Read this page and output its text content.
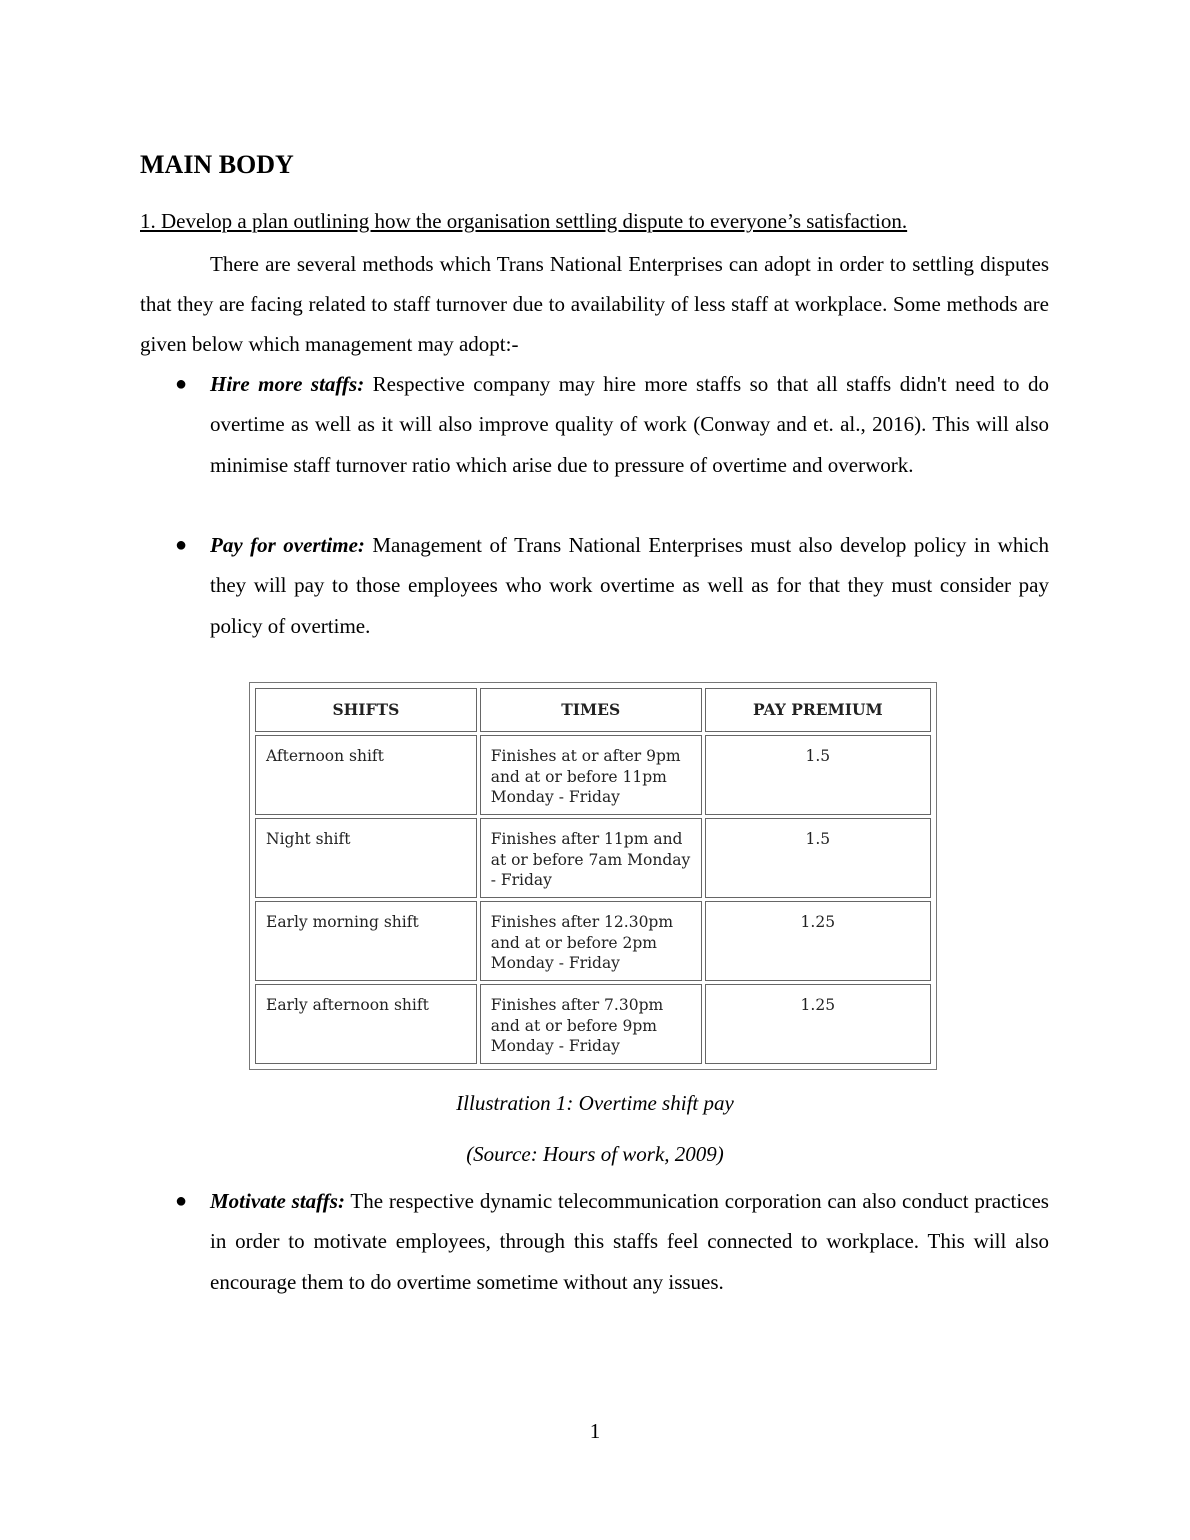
MAIN BODY

1. Develop a plan outlining how the organisation settling dispute to everyone’s satisfaction.

There are several methods which Trans National Enterprises can adopt in order to settling disputes that they are facing related to staff turnover due to availability of less staff at workplace. Some methods are given below which management may adopt:-

● Hire more staffs: Respective company may hire more staffs so that all staffs didn't need to do overtime as well as it will also improve quality of work (Conway and et. al., 2016). This will also minimise staff turnover ratio which arise due to pressure of overtime and overwork.
● Pay for overtime: Management of Trans National Enterprises must also develop policy in which they will pay to those employees who work overtime as well as for that they must consider pay policy of overtime.
SHIFTS	TIMES	PAY PREMIUM
Afternoon shift	Finishes at or after 9pm and at or before 11pm Monday - Friday	1.5
Night shift	Finishes after 11pm and at or before 7am Monday - Friday	1.5
Early morning shift	Finishes after 12.30pm and at or before 2pm Monday - Friday	1.25
Early afternoon shift	Finishes after 7.30pm and at or before 9pm Monday - Friday	1.25

Illustration 1: Overtime shift pay

(Source: Hours of work, 2009)

● Motivate staffs: The respective dynamic telecommunication corporation can also conduct practices in order to motivate employees, through this staffs feel connected to workplace. This will also encourage them to do overtime sometime without any issues.

1
